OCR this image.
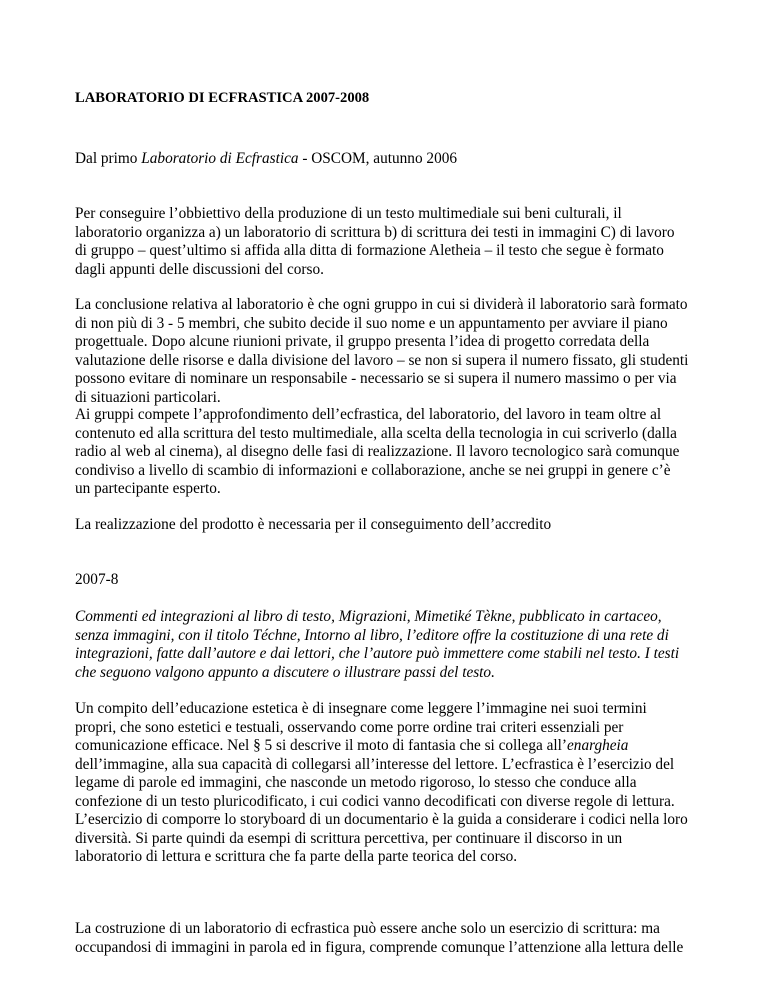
LABORATORIO DI ECFRASTICA 2007-2008
Dal primo Laboratorio di Ecfrastica - OSCOM, autunno 2006

Per conseguire l’obbiettivo della produzione di un testo multimediale sui beni culturali, il
laboratorio organizza a) un laboratorio di scrittura b) di scrittura dei testi in immagini C) di lavoro
di gruppo – quest’ultimo si affida alla ditta di formazione Aletheia – il testo che segue è formato
dagli appunti delle discussioni del corso.

La conclusione relativa al laboratorio è che ogni gruppo in cui si dividerà il laboratorio sarà formato
di non più di 3 - 5 membri, che subito decide il suo nome e un appuntamento per avviare il piano
progettuale. Dopo alcune riunioni private, il gruppo presenta l’idea di progetto corredata della
valutazione delle risorse e dalla divisione del lavoro – se non si supera il numero fissato, gli studenti
possono evitare di nominare un responsabile - necessario se si supera il numero massimo o per via
di situazioni particolari.

Ai gruppi compete l’approfondimento dell’ecfrastica, del laboratorio, del lavoro in team oltre al
contenuto ed alla scrittura del testo multimediale, alla scelta della tecnologia in cui scriverlo (dalla
radio al web al cinema), al disegno delle fasi di realizzazione. Il lavoro tecnologico sarà comunque
condiviso a livello di scambio di informazioni e collaborazione, anche se nei gruppi in genere c’è
un partecipante esperto.

La realizzazione del prodotto è necessaria per il conseguimento dell’accredito

2007-8

Commenti ed integrazioni al libro di testo, Migrazioni, Mimetiké Tèkne, pubblicato in cartaceo,
senza immagini, con il titolo Téchne, Intorno al libro, l’editore offre la costituzione di una rete di
integrazioni, fatte dall’autore e dai lettori, che l’autore può immettere come stabili nel testo. I testi
che seguono valgono appunto a discutere o illustrare passi del testo.

Un compito dell’educazione estetica è di insegnare come leggere l’immagine nei suoi termini
propri, che sono estetici e testuali, osservando come porre ordine trai criteri essenziali per
comunicazione efficace. Nel § 5 si descrive il moto di fantasia che si collega all’enargheia
dell’immagine, alla sua capacità di collegarsi all’interesse del lettore. L’ecfrastica è l’esercizio del
legame di parole ed immagini, che nasconde un metodo rigoroso, lo stesso che conduce alla
confezione di un testo pluricodificato, i cui codici vanno decodificati con diverse regole di lettura.
L’esercizio di comporre lo storyboard di un documentario è la guida a considerare i codici nella loro
diversità. Si parte quindi da esempi di scrittura percettiva, per continuare il discorso in un
laboratorio di lettura e scrittura che fa parte della parte teorica del corso.

La costruzione di un laboratorio di ecfrastica può essere anche solo un esercizio di scrittura: ma
occupandosi di immagini in parola ed in figura, comprende comunque l’attenzione alla lettura delle
